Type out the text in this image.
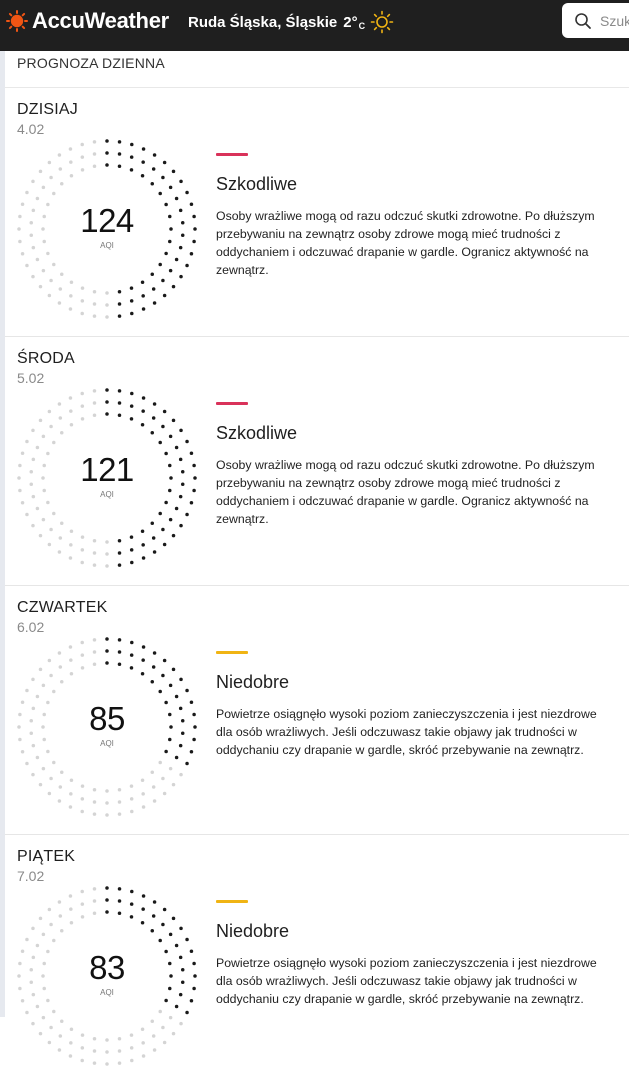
AccuWeather Ruda Śląska, Śląskie 2°C
Szuk
PROGNOZA DZIENNA
DZISIAJ
4.02
124
AQI
Szkodliwe
Osoby wrażliwe mogą od razu odczuć skutki zdrowotne. Po dłuższym przebywaniu na zewnątrz osoby zdrowe mogą mieć trudności z oddychaniem i odczuwać drapanie w gardle. Ogranicz aktywność na zewnątrz.
ŚRODA
5.02
121
AQI
Szkodliwe
Osoby wrażliwe mogą od razu odczuć skutki zdrowotne. Po dłuższym przebywaniu na zewnątrz osoby zdrowe mogą mieć trudności z oddychaniem i odczuwać drapanie w gardle. Ogranicz aktywność na zewnątrz.
CZWARTEK
6.02
85
AQI
Niedobre
Powietrze osiągnęło wysoki poziom zanieczyszczenia i jest niezdrowe dla osób wrażliwych. Jeśli odczuwasz takie objawy jak trudności w oddychaniu czy drapanie w gardle, skróć przebywanie na zewnątrz.
PIĄTEK
7.02
83
AQI
Niedobre
Powietrze osiągnęło wysoki poziom zanieczyszczenia i jest niezdrowe dla osób wrażliwych. Jeśli odczuwasz takie objawy jak trudności w oddychaniu czy drapanie w gardle, skróć przebywanie na zewnątrz.
